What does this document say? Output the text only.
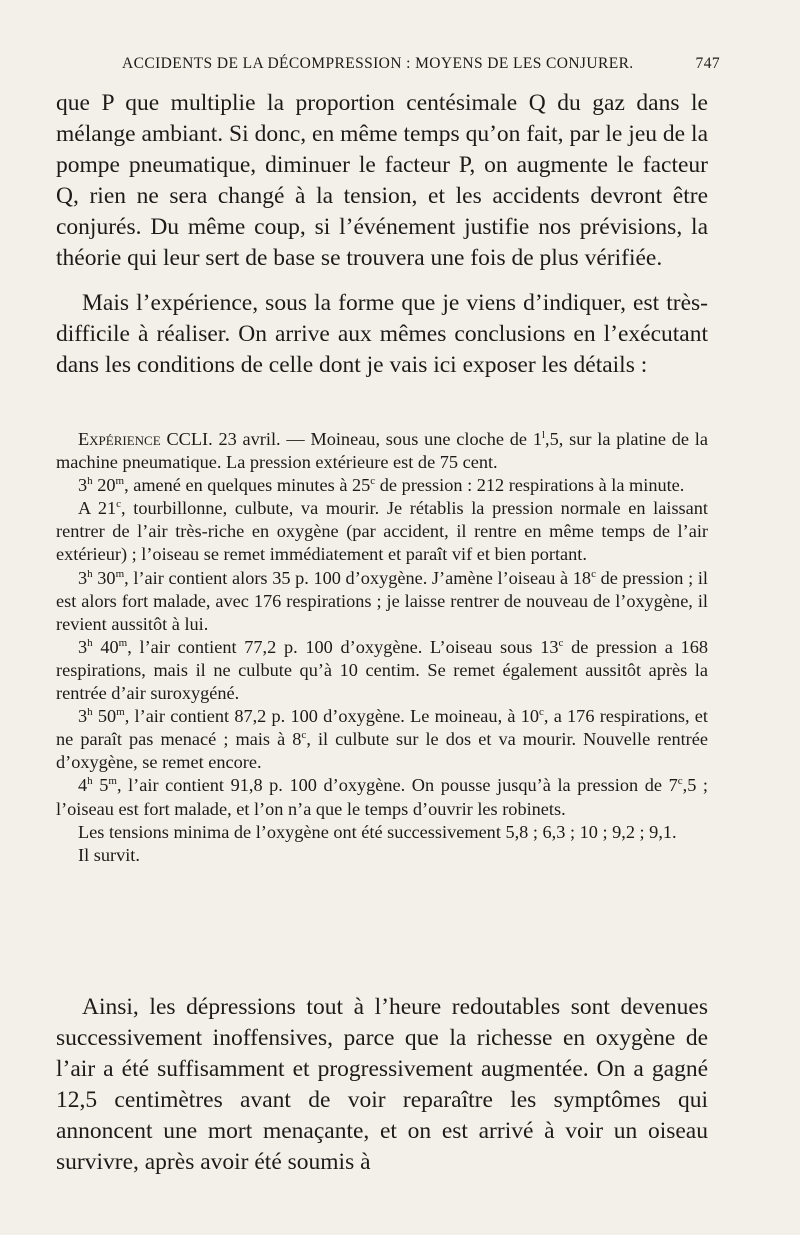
ACCIDENTS DE LA DÉCOMPRESSION : MOYENS DE LES CONJURER.	747
que P que multiplie la proportion centésimale Q du gaz dans le mélange ambiant. Si donc, en même temps qu’on fait, par le jeu de la pompe pneumatique, diminuer le facteur P, on augmente le facteur Q, rien ne sera changé à la tension, et les accidents devront être conjurés. Du même coup, si l’événement justifie nos prévisions, la théorie qui leur sert de base se trouvera une fois de plus vérifiée.
Mais l’expérience, sous la forme que je viens d’indiquer, est très-difficile à réaliser. On arrive aux mêmes conclusions en l’exécutant dans les conditions de celle dont je vais ici exposer les détails :

Expérience CCLI. 23 avril. — Moineau, sous une cloche de 1$^l$,5, sur la platine de la machine pneumatique. La pression extérieure est de 75 cent.

3$^h$ 20$^m$, amené en quelques minutes à 25$^c$ de pression : 212 respirations à la minute.

A 21$^c$, tourbillonne, culbute, va mourir. Je rétablis la pression normale en laissant rentrer de l’air très-riche en oxygène (par accident, il rentre en même temps de l’air extérieur) ; l’oiseau se remet immédiatement et paraît vif et bien portant.

3$^h$ 30$^m$, l’air contient alors 35 p. 100 d’oxygène. J’amène l’oiseau à 18$^c$ de pression ; il est alors fort malade, avec 176 respirations ; je laisse rentrer de nouveau de l’oxygène, il revient aussitôt à lui.

3$^h$ 40$^m$, l’air contient 77,2 p. 100 d’oxygène. L’oiseau sous 13$^c$ de pression a 168 respirations, mais il ne culbute qu’à 10 centim. Se remet également aussitôt après la rentrée d’air suroxygéné.

3$^h$ 50$^m$, l’air contient 87,2 p. 100 d’oxygène. Le moineau, à 10$^c$, a 176 respirations, et ne paraît pas menacé ; mais à 8$^c$, il culbute sur le dos et va mourir. Nouvelle rentrée d’oxygène, se remet encore.

4$^h$ 5$^m$, l’air contient 91,8 p. 100 d’oxygène. On pousse jusqu’à la pression de 7$^c$,5 ; l’oiseau est fort malade, et l’on n’a que le temps d’ouvrir les robinets.

Les tensions minima de l’oxygène ont été successivement 5,8 ; 6,3 ; 10 ; 9,2 ; 9,1.

Il survit.

Ainsi, les dépressions tout à l’heure redoutables sont devenues successivement inoffensives, parce que la richesse en oxygène de l’air a été suffisamment et progressivement augmentée. On a gagné 12,5 centimètres avant de voir reparaître les symptômes qui annoncent une mort menaçante, et on est arrivé à voir un oiseau survivre, après avoir été soumis à
